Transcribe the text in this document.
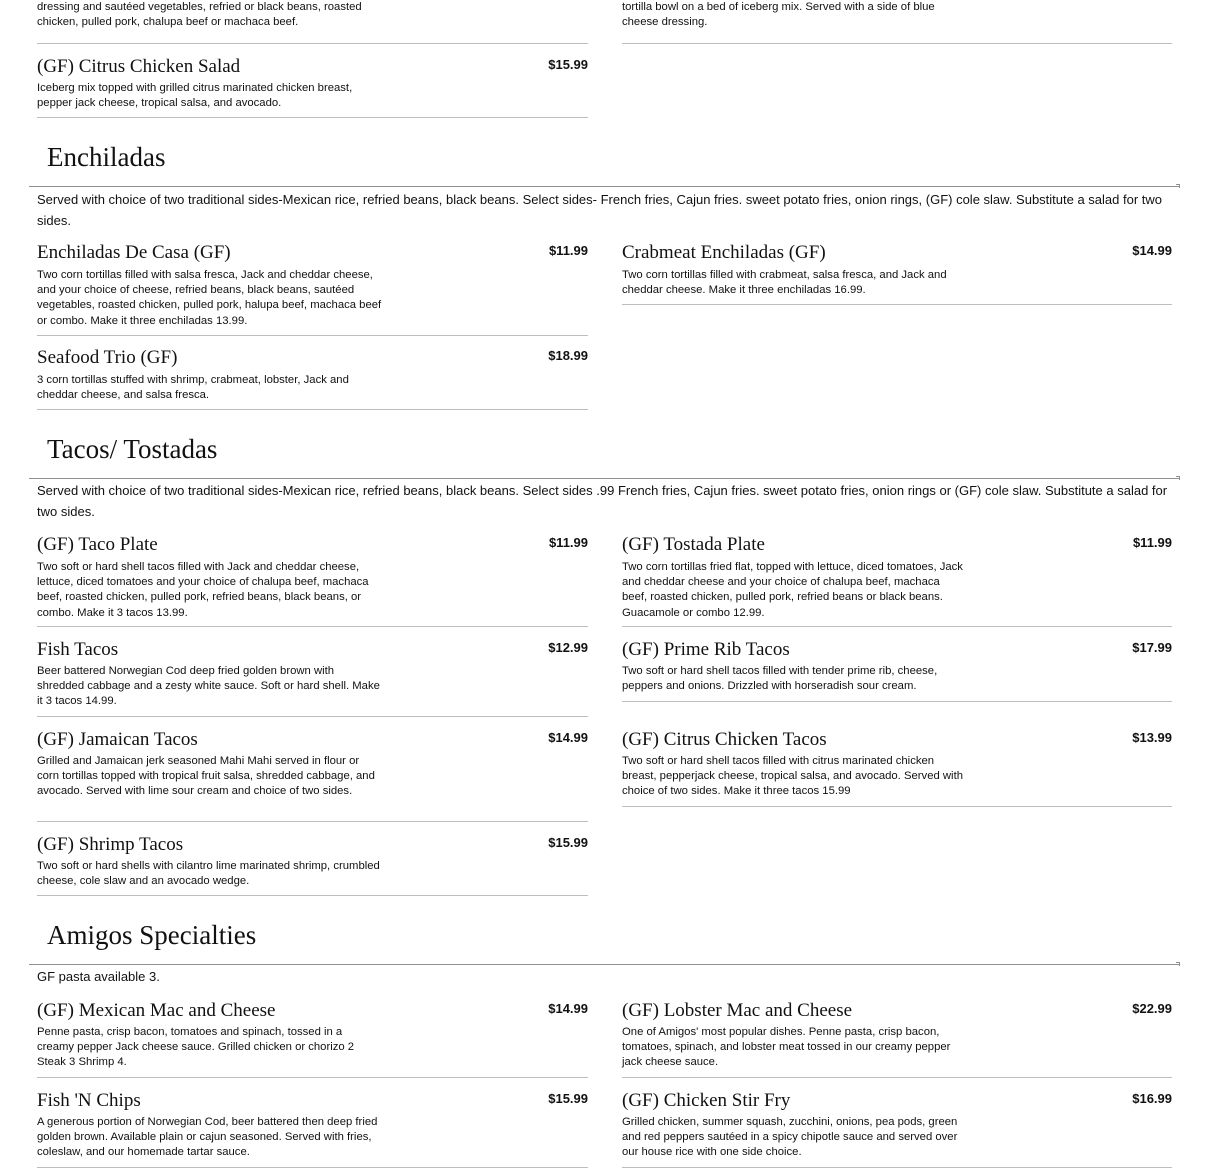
dressing and sautéed vegetables, refried or black beans, roasted chicken, pulled pork, chalupa beef or machaca beef.
tortilla bowl on a bed of iceberg mix. Served with a side of blue cheese dressing.
(GF) Citrus Chicken Salad	$15.99
Iceberg mix topped with grilled citrus marinated chicken breast, pepper jack cheese, tropical salsa, and avocado.
Enchiladas
Served with choice of two traditional sides-Mexican rice, refried beans, black beans. Select sides- French fries, Cajun fries. sweet potato fries, onion rings, (GF) cole slaw. Substitute a salad for two sides.
Enchiladas De Casa (GF)	$11.99
Two corn tortillas filled with salsa fresca, Jack and cheddar cheese, and your choice of cheese, refried beans, black beans, sautéed vegetables, roasted chicken, pulled pork, halupa beef, machaca beef or combo. Make it three enchiladas 13.99.
Crabmeat Enchiladas (GF)	$14.99
Two corn tortillas filled with crabmeat, salsa fresca, and Jack and cheddar cheese. Make it three enchiladas 16.99.
Seafood Trio (GF)	$18.99
3 corn tortillas stuffed with shrimp, crabmeat, lobster, Jack and cheddar cheese, and salsa fresca.
Tacos/ Tostadas
Served with choice of two traditional sides-Mexican rice, refried beans, black beans. Select sides .99 French fries, Cajun fries. sweet potato fries, onion rings or (GF) cole slaw. Substitute a salad for two sides.
(GF) Taco Plate	$11.99
Two soft or hard shell tacos filled with Jack and cheddar cheese, lettuce, diced tomatoes and your choice of chalupa beef, machaca beef, roasted chicken, pulled pork, refried beans, black beans, or combo. Make it 3 tacos 13.99.
(GF) Tostada Plate	$11.99
Two corn tortillas fried flat, topped with lettuce, diced tomatoes, Jack and cheddar cheese and your choice of chalupa beef, machaca beef, roasted chicken, pulled pork, refried beans or black beans. Guacamole or combo 12.99.
Fish Tacos	$12.99
Beer battered Norwegian Cod deep fried golden brown with shredded cabbage and a zesty white sauce. Soft or hard shell. Make it 3 tacos 14.99.
(GF) Prime Rib Tacos	$17.99
Two soft or hard shell tacos filled with tender prime rib, cheese, peppers and onions. Drizzled with horseradish sour cream.
(GF) Jamaican Tacos	$14.99
Grilled and Jamaican jerk seasoned Mahi Mahi served in flour or corn tortillas topped with tropical fruit salsa, shredded cabbage, and avocado. Served with lime sour cream and choice of two sides.
(GF) Citrus Chicken Tacos	$13.99
Two soft or hard shell tacos filled with citrus marinated chicken breast, pepperjack cheese, tropical salsa, and avocado. Served with choice of two sides. Make it three tacos 15.99
(GF) Shrimp Tacos	$15.99
Two soft or hard shells with cilantro lime marinated shrimp, crumbled cheese, cole slaw and an avocado wedge.
Amigos Specialties
GF pasta available 3.
(GF) Mexican Mac and Cheese	$14.99
Penne pasta, crisp bacon, tomatoes and spinach, tossed in a creamy pepper Jack cheese sauce. Grilled chicken or chorizo 2 Steak 3 Shrimp 4.
(GF) Lobster Mac and Cheese	$22.99
One of Amigos' most popular dishes. Penne pasta, crisp bacon, tomatoes, spinach, and lobster meat tossed in our creamy pepper jack cheese sauce.
Fish 'N Chips	$15.99
A generous portion of Norwegian Cod, beer battered then deep fried golden brown. Available plain or cajun seasoned. Served with fries, coleslaw, and our homemade tartar sauce.
(GF) Chicken Stir Fry	$16.99
Grilled chicken, summer squash, zucchini, onions, pea pods, green and red peppers sautéed in a spicy chipotle sauce and served over our house rice with one side choice.
